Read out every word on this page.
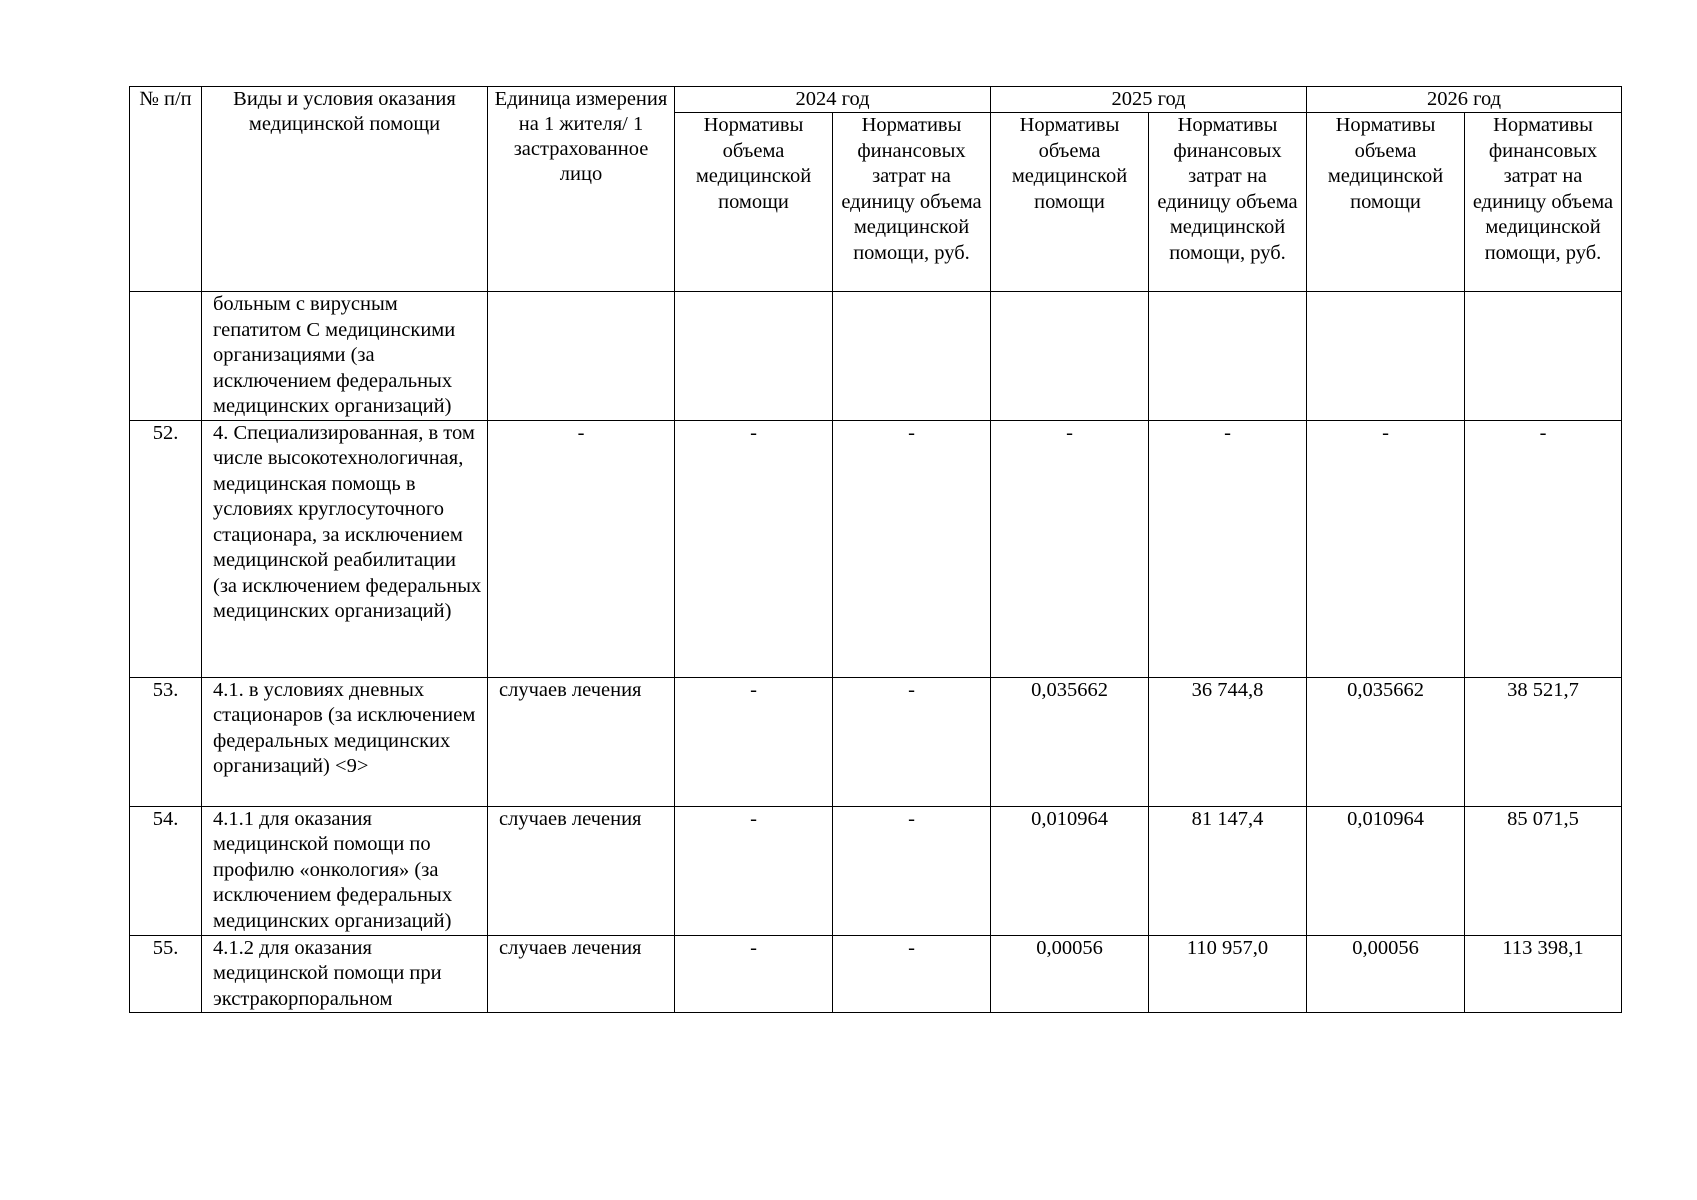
№ п/п	Виды и условия оказания медицинской помощи	Единица измерения на 1 жителя/ 1 застрахованное лицо	2024 год		2025 год		2026 год	
			Нормативы объема медицинской помощи	Нормативы финансовых затрат на единицу объема медицинской помощи, руб.	Нормативы объема медицинской помощи	Нормативы финансовых затрат на единицу объема медицинской помощи, руб.	Нормативы объема медицинской помощи	Нормативы финансовых затрат на единицу объема медицинской помощи, руб.
	больным с вирусным гепатитом С медицинскими организациями (за исключением федеральных медицинских организаций)							
52.	4. Специализированная, в том числе высокотехнологичная, медицинская помощь в условиях круглосуточного стационара, за исключением медицинской реабилитации (за исключением федеральных медицинских организаций)	-	-	-	-	-	-	-
53.	4.1. в условиях дневных стационаров (за исключением федеральных медицинских организаций) <9>	случаев лечения	-	-	0,035662	36 744,8	0,035662	38 521,7
54.	4.1.1 для оказания медицинской помощи по профилю «онкология» (за исключением федеральных медицинских организаций)	случаев лечения	-	-	0,010964	81 147,4	0,010964	85 071,5
55.	4.1.2 для оказания медицинской помощи при экстракорпоральном	случаев лечения	-	-	0,00056	110 957,0	0,00056	113 398,1
